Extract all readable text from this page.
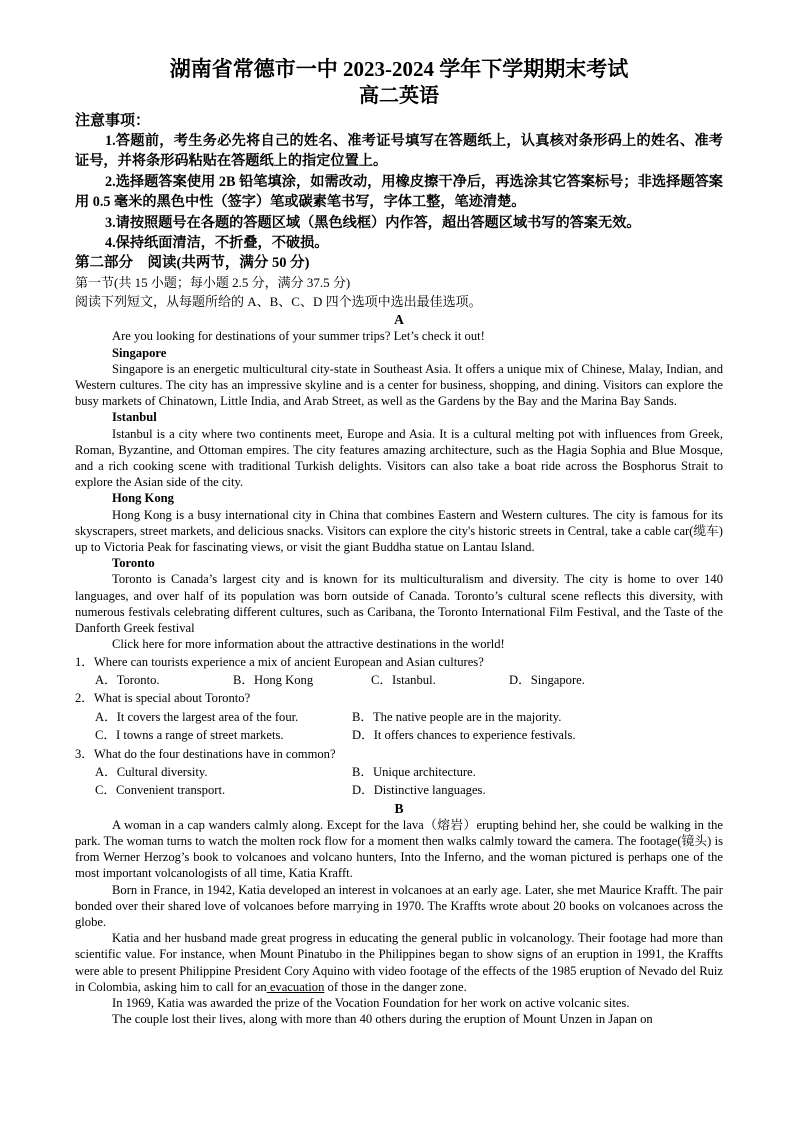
湖南省常德市一中 2023-2024 学年下学期期末考试
高二英语
注意事项：

1.答题前，考生务必先将自己的姓名、准考证号填写在答题纸上，认真核对条形码上的姓名、准考证号，并将条形码粘贴在答题纸上的指定位置上。

2.选择题答案使用 2B 铅笔填涂，如需改动，用橡皮擦干净后，再选涂其它答案标号；非选择题答案用 0.5 毫米的黑色中性（签字）笔或碳素笔书写，字体工整，笔迹清楚。

3.请按照题号在各题的答题区域（黑色线框）内作答，超出答题区域书写的答案无效。

4.保持纸面清洁，不折叠，不破损。

第二部分　阅读(共两节，满分 50 分)
第一节(共 15 小题；每小题 2.5 分，满分 37.5 分)
阅读下列短文，从每题所给的 A、B、C、D 四个选项中选出最佳选项。
A

Are you looking for destinations of your summer trips? Let’s check it out!

Singapore

Singapore is an energetic multicultural city-state in Southeast Asia. It offers a unique mix of Chinese, Malay, Indian, and Western cultures. The city has an impressive skyline and is a center for business, shopping, and dining. Visitors can explore the busy markets of Chinatown, Little India, and Arab Street, as well as the Gardens by the Bay and the Marina Bay Sands.

Istanbul

Istanbul is a city where two continents meet, Europe and Asia. It is a cultural melting pot with influences from Greek, Roman, Byzantine, and Ottoman empires. The city features amazing architecture, such as the Hagia Sophia and Blue Mosque, and a rich cooking scene with traditional Turkish delights. Visitors can also take a boat ride across the Bosphorus Strait to explore the Asian side of the city.

Hong Kong

Hong Kong is a busy international city in China that combines Eastern and Western cultures. The city is famous for its skyscrapers, street markets, and delicious snacks. Visitors can explore the city's historic streets in Central, take a cable car(缆车) up to Victoria Peak for fascinating views, or visit the giant Buddha statue on Lantau Island.

Toronto

Toronto is Canada’s largest city and is known for its multiculturalism and diversity. The city is home to over 140 languages, and over half of its population was born outside of Canada. Toronto’s cultural scene reflects this diversity, with numerous festivals celebrating different cultures, such as Caribana, the Toronto International Film Festival, and the Taste of the Danforth Greek festival

Click here for more information about the attractive destinations in the world!

1．Where can tourists experience a mix of ancient European and Asian cultures?

A．Toronto.	B．Hong Kong	C．Istanbul.	D．Singapore.

2．What is special about Toronto?

A．It covers the largest area of the four.	B．The native people are in the majority.
C．I towns a range of street markets.	D．It offers chances to experience festivals.

3．What do the four destinations have in common?

A．Cultural diversity.	B．Unique architecture.
C．Convenient transport.	D．Distinctive languages.
B

A woman in a cap wanders calmly along. Except for the lava（熔岩）erupting behind her, she could be walking in the park. The woman turns to watch the molten rock flow for a moment then walks calmly toward the camera. The footage(镜头) is from Werner Herzog’s book to volcanoes and volcano hunters, Into the Inferno, and the woman pictured is perhaps one of the most important volcanologists of all time, Katia Krafft.

Born in France, in 1942, Katia developed an interest in volcanoes at an early age. Later, she met Maurice Krafft. The pair bonded over their shared love of volcanoes before marrying in 1970. The Kraffts wrote about 20 books on volcanoes across the globe.

Katia and her husband made great progress in educating the general public in volcanology. Their footage had more than scientific value. For instance, when Mount Pinatubo in the Philippines began to show signs of an eruption in 1991, the Kraffts were able to present Philippine President Cory Aquino with video footage of the effects of the 1985 eruption of Nevado del Ruiz in Colombia, asking him to call for an evacuation of those in the danger zone.

In 1969, Katia was awarded the prize of the Vocation Foundation for her work on active volcanic sites.

The couple lost their lives, along with more than 40 others during the eruption of Mount Unzen in Japan on
